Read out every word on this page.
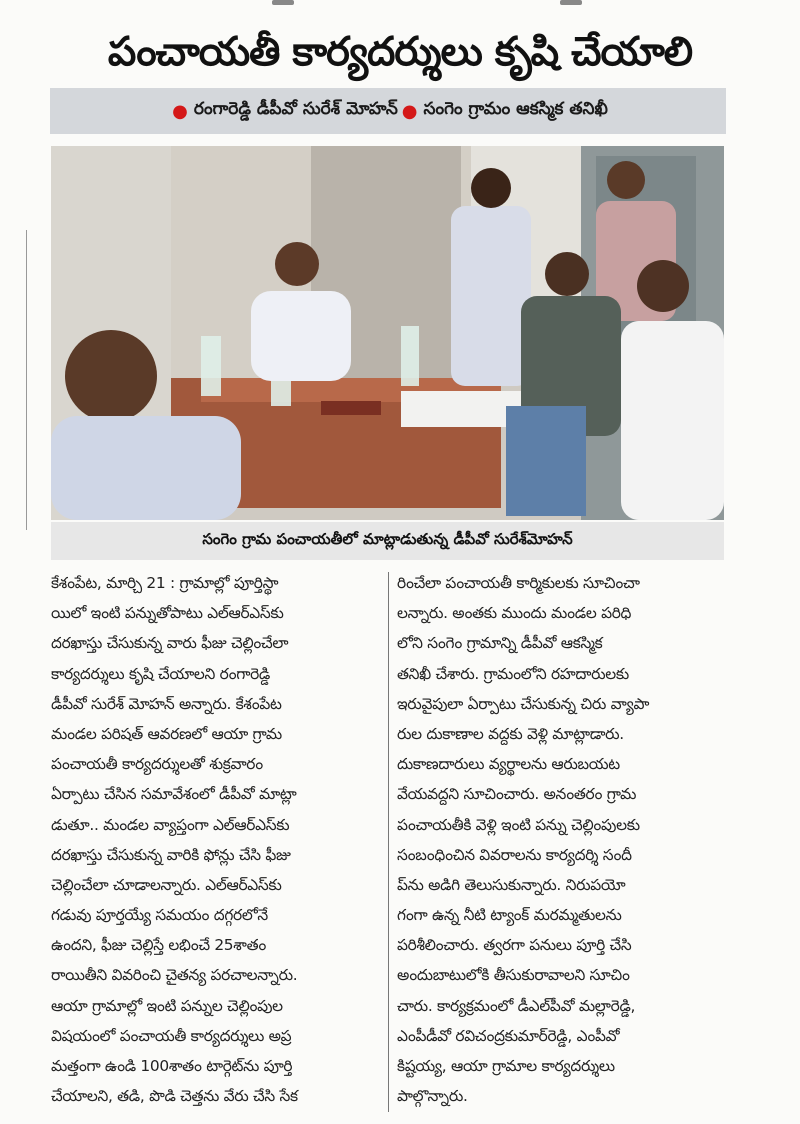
పంచాయతీ కార్యదర్శులు కృషి చేయాలి
● రంగారెడ్డి డీపీవో సురేశ్ మోహన్ ● సంగెం గ్రామం ఆకస్మిక తనిఖీ
సంగెం గ్రామ పంచాయతీలో మాట్లాడుతున్న డీపీవో సురేశ్‌మోహన్
కేశంపేట, మార్చి 21 : గ్రామాల్లో పూర్తిస్థా
యిలో ఇంటి పన్నుతోపాటు ఎల్‌ఆర్‌ఎస్‌కు
దరఖాస్తు చేసుకున్న వారు ఫీజు చెల్లించేలా
కార్యదర్శులు కృషి చేయాలని రంగారెడ్డి
డీపీవో సురేశ్ మోహన్ అన్నారు. కేశంపేట
మండల పరిషత్ ఆవరణలో ఆయా గ్రామ
పంచాయతీ కార్యదర్శులతో శుక్రవారం
ఏర్పాటు చేసిన సమావేశంలో డీపీవో మాట్లా
డుతూ.. మండల వ్యాప్తంగా ఎల్‌ఆర్‌ఎస్‌కు
దరఖాస్తు చేసుకున్న వారికి ఫోన్లు చేసి ఫీజు
చెల్లించేలా చూడాలన్నారు. ఎల్‌ఆర్‌ఎస్‌కు
గడువు పూర్తయ్యే సమయం దగ్గరలోనే
ఉందని, ఫీజు చెల్లిస్తే లభించే 25శాతం
రాయితీని వివరించి చైతన్య పరచాలన్నారు.
ఆయా గ్రామాల్లో ఇంటి పన్నుల చెల్లింపుల
విషయంలో పంచాయతీ కార్యదర్శులు అప్ర
మత్తంగా ఉండి 100శాతం టార్గెట్‌ను పూర్తి
చేయాలని, తడి, పొడి చెత్తను వేరు చేసి సేక
రించేలా పంచాయతీ కార్మికులకు సూచించా
లన్నారు. అంతకు ముందు మండల పరిధి
లోని సంగెం గ్రామాన్ని డీపీవో ఆకస్మిక
తనిఖీ చేశారు. గ్రామంలోని రహదారులకు
ఇరువైపులా ఏర్పాటు చేసుకున్న చిరు వ్యాపా
రుల దుకాణాల వద్దకు వెళ్లి మాట్లాడారు.
దుకాణదారులు వ్యర్థాలను ఆరుబయట
వేయవద్దని సూచించారు. అనంతరం గ్రామ
పంచాయతీకి వెళ్లి ఇంటి పన్ను చెల్లింపులకు
సంబంధించిన వివరాలను కార్యదర్శి సందీ
ప్‌ను అడిగి తెలుసుకున్నారు. నిరుపయో
గంగా ఉన్న నీటి ట్యాంక్ మరమ్మతులను
పరిశీలించారు. త్వరగా పనులు పూర్తి చేసి
అందుబాటులోకి తీసుకురావాలని సూచిం
చారు. కార్యక్రమంలో డీఎల్‌పీవో మల్లారెడ్డి,
ఎంపీడీవో రవిచంద్రకుమార్‌రెడ్డి, ఎంపీవో
కిష్టయ్య, ఆయా గ్రామాల కార్యదర్శులు
పాల్గొన్నారు.
